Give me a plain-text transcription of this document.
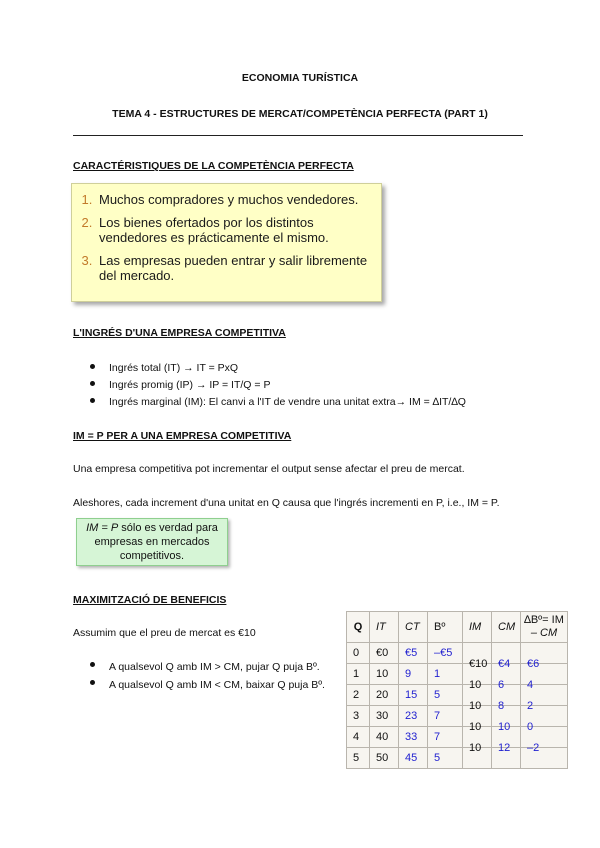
ECONOMIA TURÍSTICA
TEMA 4 - ESTRUCTURES DE MERCAT/COMPETÈNCIA PERFECTA (PART 1)
CARACTÉRISTIQUES DE LA COMPETÈNCIA PERFECTA
1. Muchos compradores y muchos vendedores.
2. Los bienes ofertados por los distintos vendedores es prácticamente el mismo.
3. Las empresas pueden entrar y salir libremente del mercado.
L'INGRÉS D'UNA EMPRESA COMPETITIVA
Ingrés total (IT) → IT = PxQ
Ingrés promig (IP) → IP = IT/Q = P
Ingrés marginal (IM): El canvi a l'IT de vendre una unitat extra→ IM = ∆IT/∆Q
IM = P PER A UNA EMPRESA COMPETITIVA
Una empresa competitiva pot incrementar el output sense afectar el preu de mercat.
Aleshores, cada increment d'una unitat en Q causa que l'ingrés incrementi en P, i.e., IM = P.
IM = P sólo es verdad para empresas en mercados competitivos.
MAXIMITZACIÓ DE BENEFICIS
Assumim que el preu de mercat es €10
A qualsevol Q amb IM > CM, pujar Q puja Bº.
A qualsevol Q amb IM < CM, baixar Q puja Bº.
Q	IT	CT	Bº	IM	CM	∆Bº= IM
– CM
0	€0	€5	–€5			
1	10	9	1	€10	€4	€6
2	20	15	5	10	6	4
3	30	23	7	10	8	2
4	40	33	7	10	10	0
5	50	45	5	10	12	–2
